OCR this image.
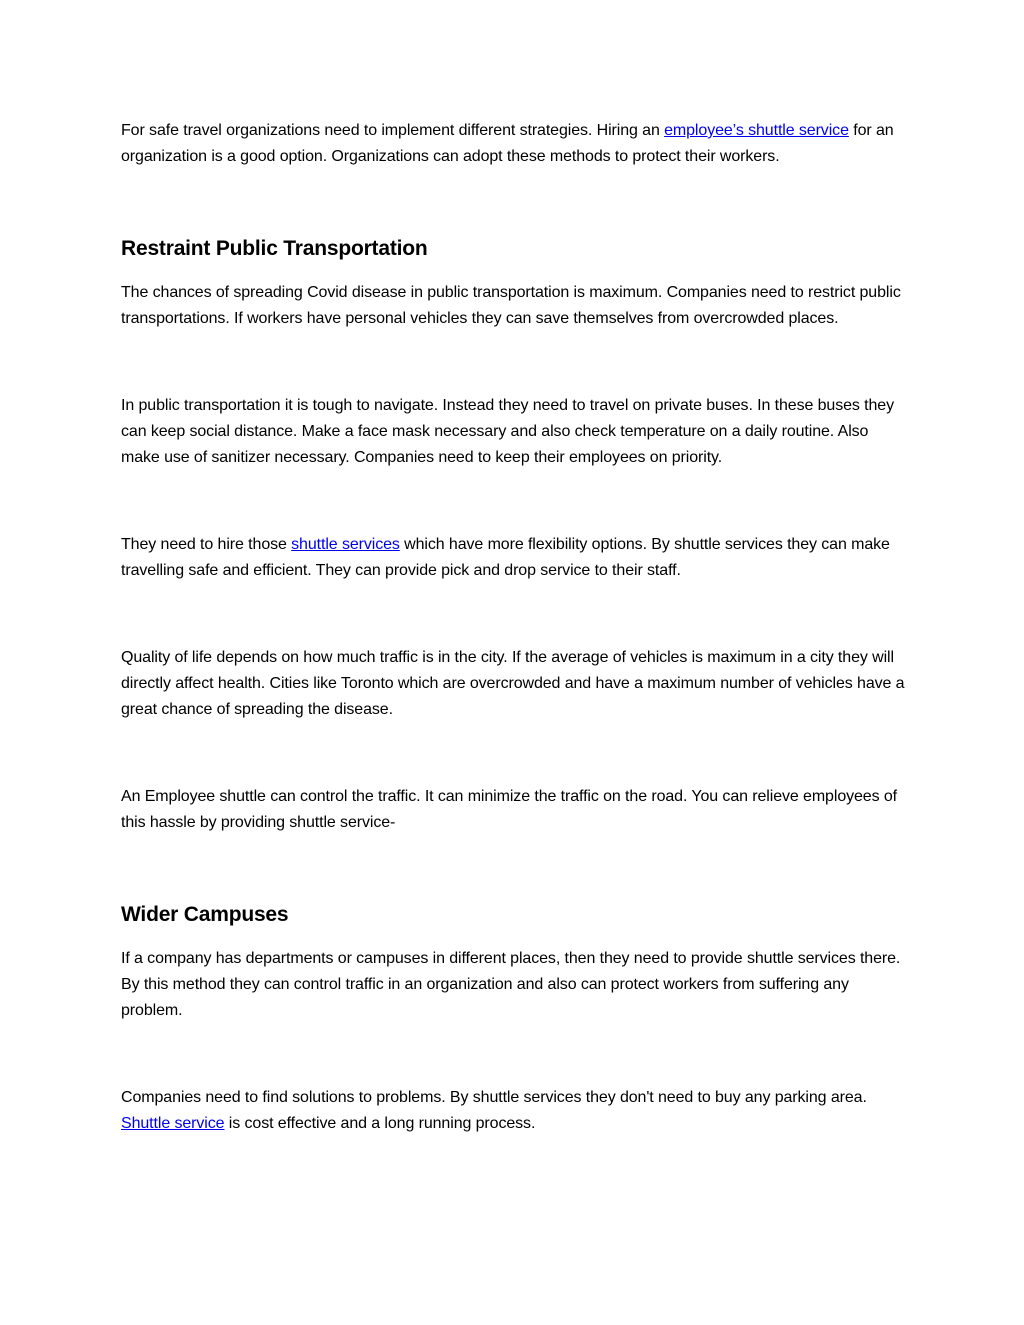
For safe travel organizations need to implement different strategies. Hiring an employee’s shuttle service for an organization is a good option. Organizations can adopt these methods to protect their workers.

Restraint Public Transportation

The chances of spreading Covid disease in public transportation is maximum. Companies need to restrict public transportations. If workers have personal vehicles they can save themselves from overcrowded places.

In public transportation it is tough to navigate. Instead they need to travel on private buses. In these buses they can keep social distance. Make a face mask necessary and also check temperature on a daily routine. Also make use of sanitizer necessary. Companies need to keep their employees on priority.

They need to hire those shuttle services which have more flexibility options. By shuttle services they can make travelling safe and efficient. They can provide pick and drop service to their staff.

Quality of life depends on how much traffic is in the city. If the average of vehicles is maximum in a city they will directly affect health. Cities like Toronto which are overcrowded and have a maximum number of vehicles have a great chance of spreading the disease.

An Employee shuttle can control the traffic. It can minimize the traffic on the road. You can relieve employees of this hassle by providing shuttle service-

Wider Campuses

If a company has departments or campuses in different places, then they need to provide shuttle services there. By this method they can control traffic in an organization and also can protect workers from suffering any problem.

Companies need to find solutions to problems. By shuttle services they don't need to buy any parking area. Shuttle service is cost effective and a long running process.
